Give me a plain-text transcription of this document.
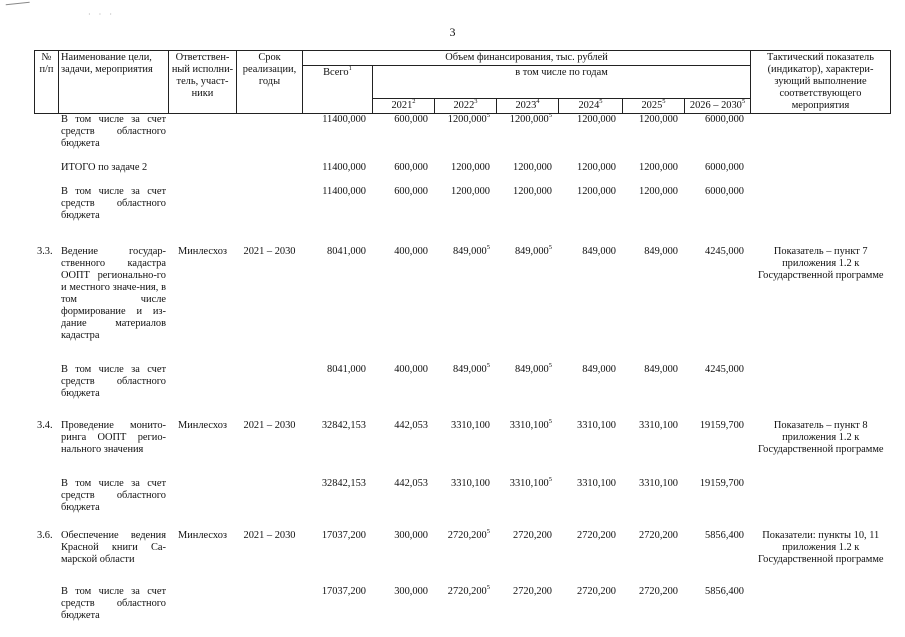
· · ·
3
№ п/п	Наименование цели, задачи, мероприятия	Ответствен-ный исполни-тель, участ-ники	Срок реализации, годы	Объем финансирования, тыс. рублей							Тактический показатель (индикатор), характери-зующий выполнение соответствующего мероприятия
				Всего$^1$	в том числе по годам						
					2021$^2$	2022$^3$	2023$^4$	2024$^5$	2025$^5$	2026 – 2030$^5$
	В том числе за счет средств областного бюджета			11400,000	600,000	1200,000$^5$	1200,000$^5$	1200,000	1200,000	6000,000	

	ИТОГО по задаче 2			11400,000	600,000	1200,000	1200,000	1200,000	1200,000	6000,000	

	В том числе за счет средств областного бюджета			11400,000	600,000	1200,000	1200,000	1200,000	1200,000	6000,000	

3.3.	Ведение государ-ственного кадастра ООПТ регионально-го и местного значе-ния, в том числе формирование и из-дание материалов кадастра	Минлесхоз	2021 – 2030	8041,000	400,000	849,000$^5$	849,000$^5$	849,000	849,000	4245,000	Показатель – пункт 7 приложения 1.2 к Государственной программе

	В том числе за счет средств областного бюджета			8041,000	400,000	849,000$^5$	849,000$^5$	849,000	849,000	4245,000	

3.4.	Проведение монито-ринга ООПТ регио-нального значения	Минлесхоз	2021 – 2030	32842,153	442,053	3310,100	3310,100$^5$	3310,100	3310,100	19159,700	Показатель – пункт 8 приложения 1.2 к Государственной программе

	В том числе за счет средств областного бюджета			32842,153	442,053	3310,100	3310,100$^5$	3310,100	3310,100	19159,700	

3.6.	Обеспечение ведения Красной книги Са-марской области	Минлесхоз	2021 – 2030	17037,200	300,000	2720,200$^5$	2720,200	2720,200	2720,200	5856,400	Показатели: пункты 10, 11 приложения 1.2 к Государственной программе

	В том числе за счет средств областного бюджета			17037,200	300,000	2720,200$^5$	2720,200	2720,200	2720,200	5856,400	
